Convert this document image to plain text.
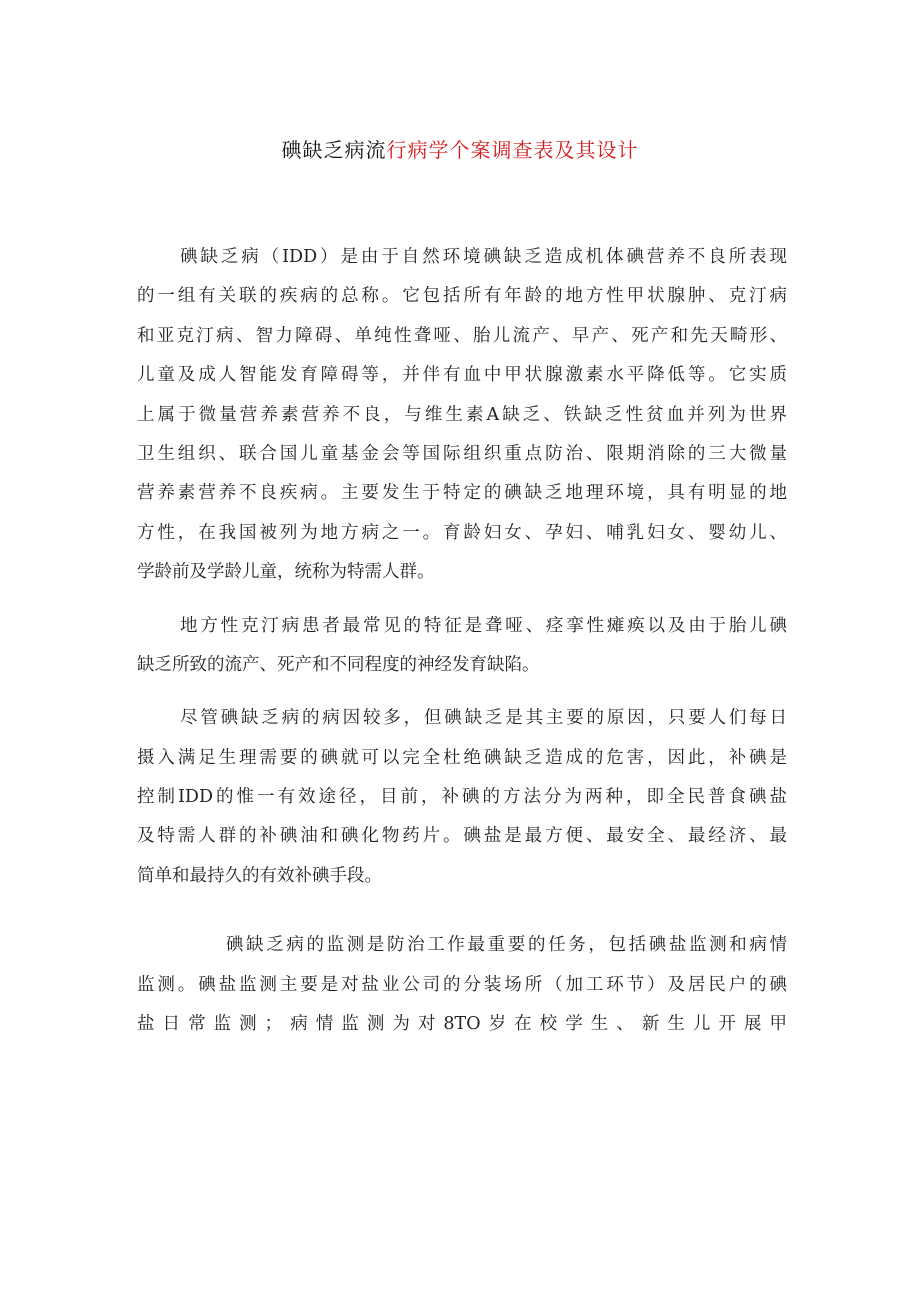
碘缺乏病流行病学个案调查表及其设计
碘缺乏病（IDD）是由于自然环境碘缺乏造成机体碘营养不良所表现
的一组有关联的疾病的总称。它包括所有年龄的地方性甲状腺肿、克汀病
和亚克汀病、智力障碍、单纯性聋哑、胎儿流产、早产、死产和先天畸形、
儿童及成人智能发育障碍等，并伴有血中甲状腺激素水平降低等。它实质
上属于微量营养素营养不良，与维生素A缺乏、铁缺乏性贫血并列为世界
卫生组织、联合国儿童基金会等国际组织重点防治、限期消除的三大微量
营养素营养不良疾病。主要发生于特定的碘缺乏地理环境，具有明显的地
方性，在我国被列为地方病之一。育龄妇女、孕妇、哺乳妇女、婴幼儿、
学龄前及学龄儿童，统称为特需人群。
地方性克汀病患者最常见的特征是聋哑、痉挛性瘫痪以及由于胎儿碘
缺乏所致的流产、死产和不同程度的神经发育缺陷。
尽管碘缺乏病的病因较多，但碘缺乏是其主要的原因，只要人们每日
摄入满足生理需要的碘就可以完全杜绝碘缺乏造成的危害，因此，补碘是
控制IDD的惟一有效途径，目前，补碘的方法分为两种，即全民普食碘盐
及特需人群的补碘油和碘化物药片。碘盐是最方便、最安全、最经济、最
简单和最持久的有效补碘手段。
碘缺乏病的监测是防治工作最重要的任务，包括碘盐监测和病情
监测。碘盐监测主要是对盐业公司的分装场所（加工环节）及居民户的碘
盐日常监测；病情监测为对8TO岁在校学生、新生儿开展甲
